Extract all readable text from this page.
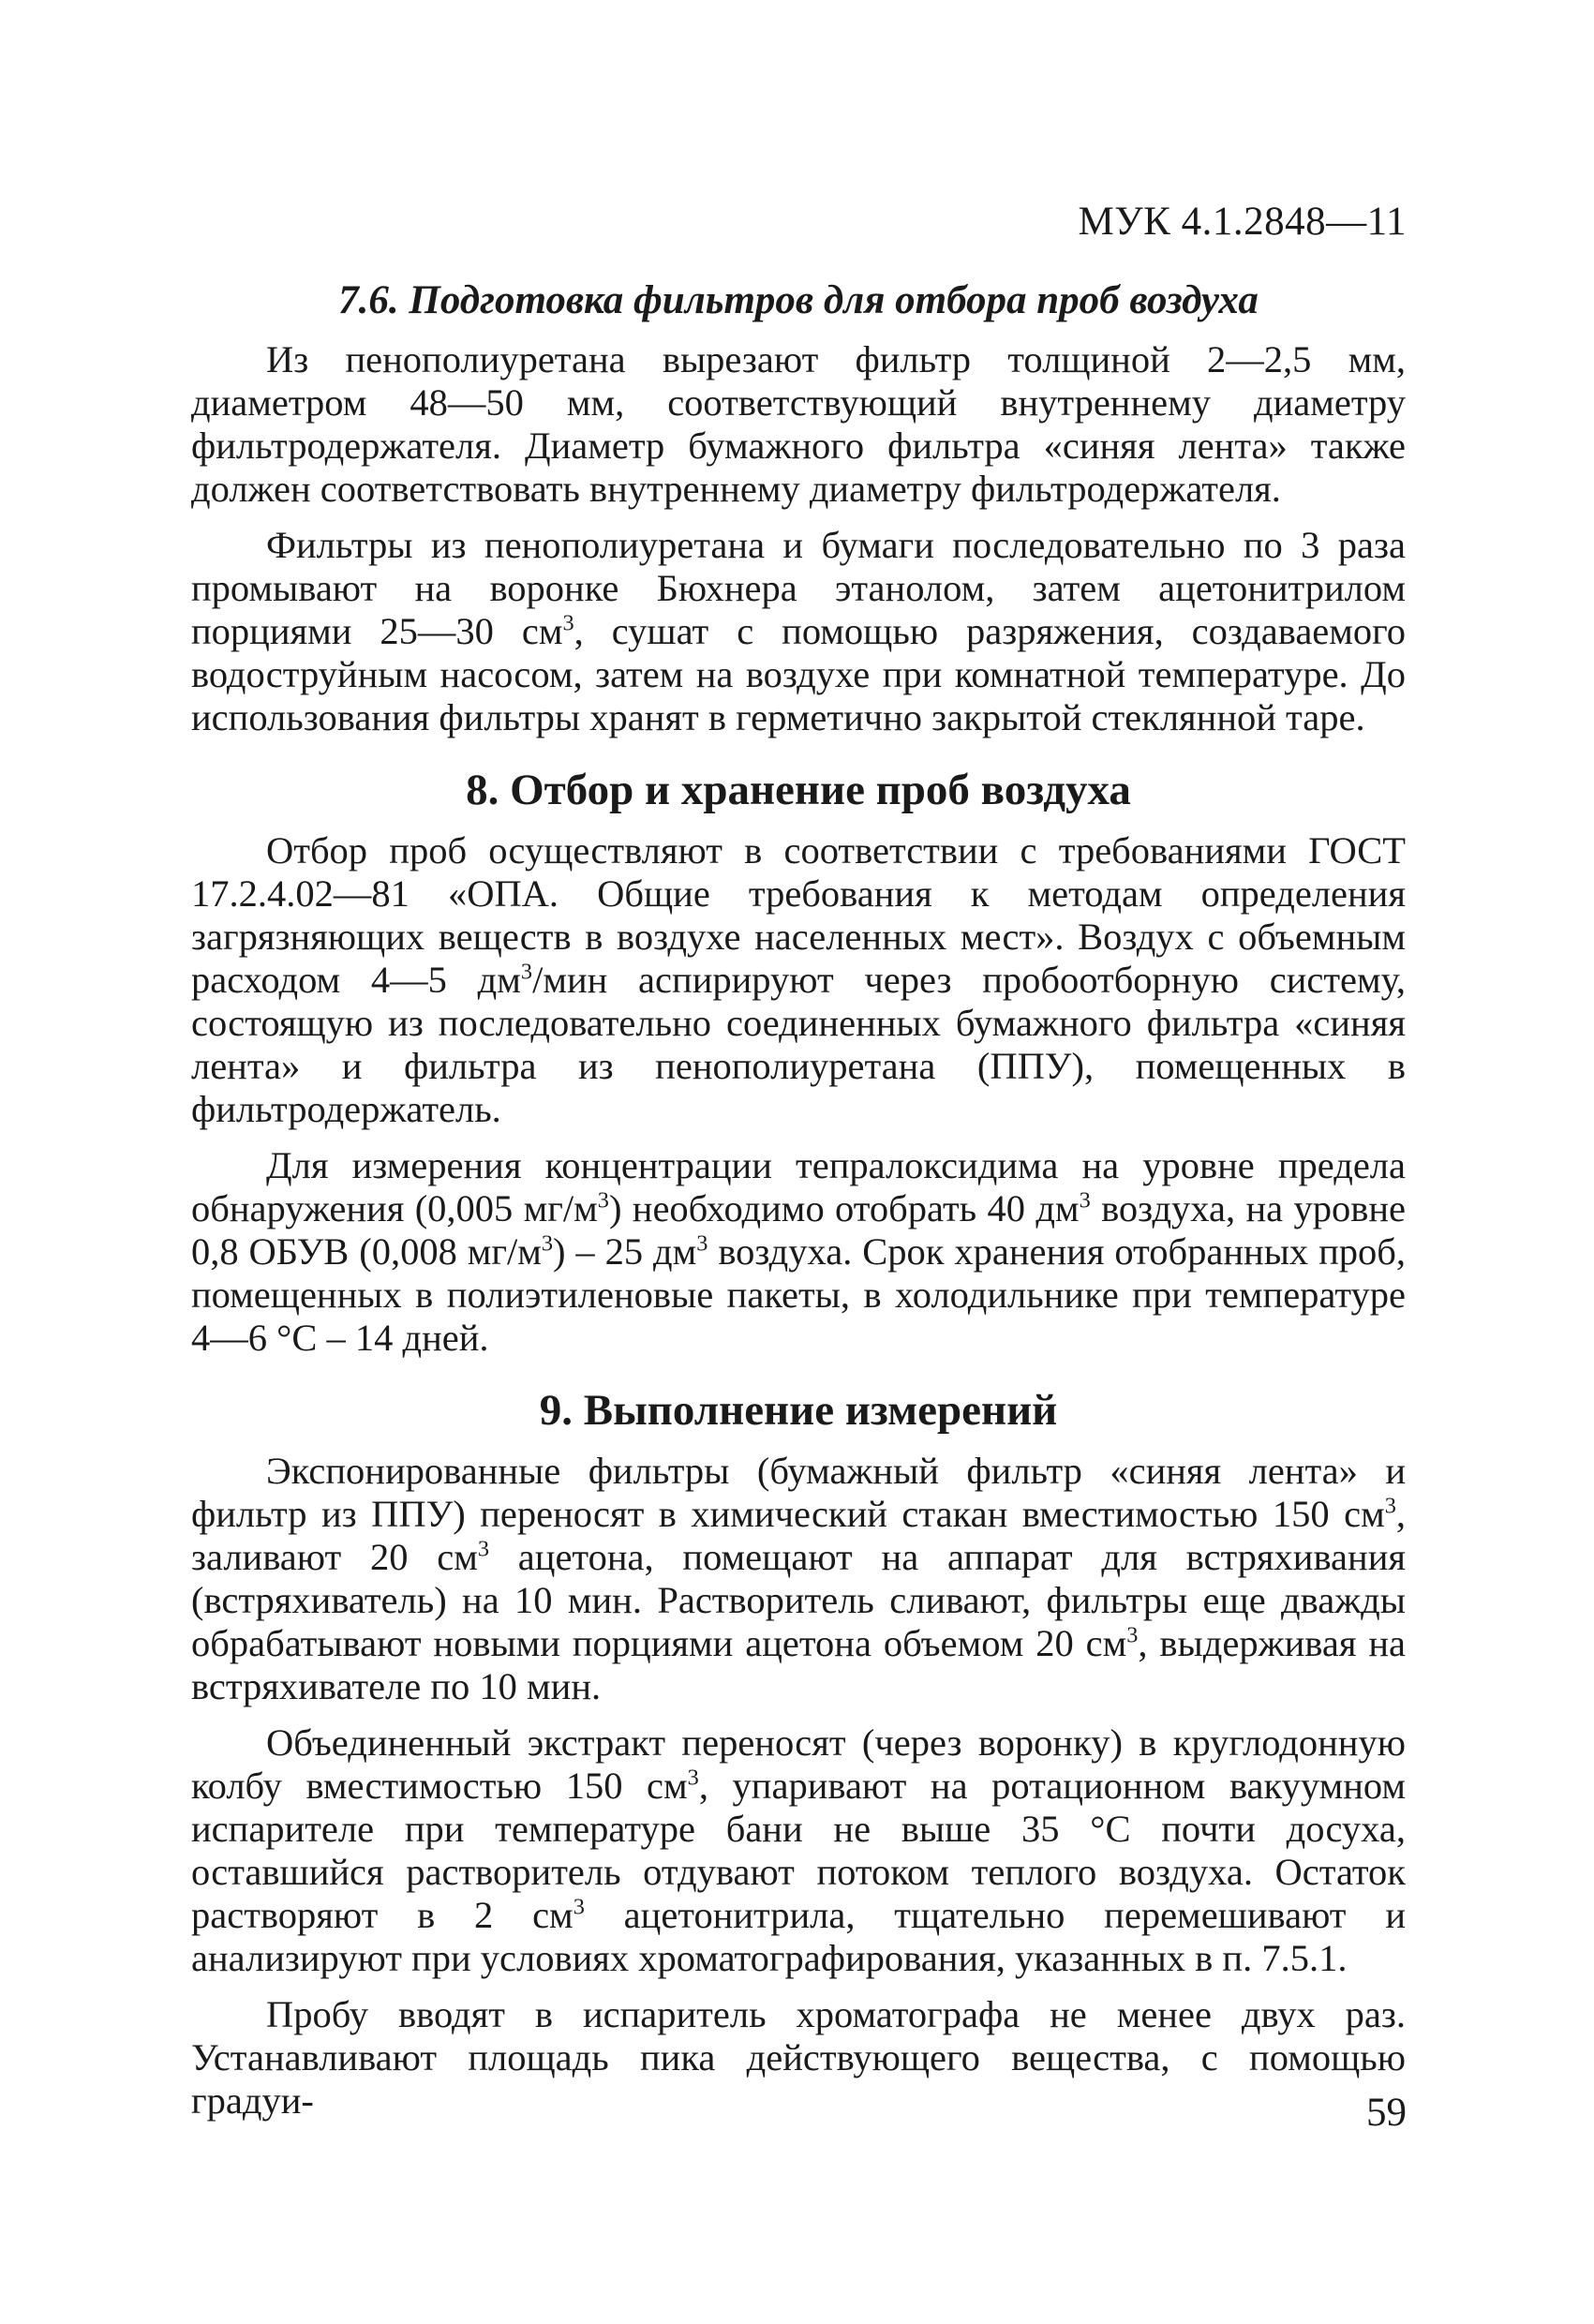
МУК 4.1.2848—11
7.6. Подготовка фильтров для отбора проб воздуха

Из пенополиуретана вырезают фильтр толщиной 2—2,5 мм, диаметром 48—50 мм, соответствующий внутреннему диаметру фильтродержателя. Диаметр бумажного фильтра «синяя лента» также должен соответствовать внутреннему диаметру фильтродержателя.

Фильтры из пенополиуретана и бумаги последовательно по 3 раза промывают на воронке Бюхнера этанолом, затем ацетонитрилом порциями 25—30 $см^3$, сушат с помощью разряжения, создаваемого водоструйным насосом, затем на воздухе при комнатной температуре. До использования фильтры хранят в герметично закрытой стеклянной таре.

8. Отбор и хранение проб воздуха

Отбор проб осуществляют в соответствии с требованиями ГОСТ 17.2.4.02—81 «ОПА. Общие требования к методам определения загрязняющих веществ в воздухе населенных мест». Воздух с объемным расходом 4—5 $дм^3$/мин аспирируют через пробоотборную систему, состоящую из последовательно соединенных бумажного фильтра «синяя лента» и фильтра из пенополиуретана (ППУ), помещенных в фильтродержатель.

Для измерения концентрации тепралоксидима на уровне предела обнаружения (0,005 $мг/м^3$) необходимо отобрать 40 $дм^3$ воздуха, на уровне 0,8 ОБУВ (0,008 $мг/м^3) - 25$ $дм^3$ воздуха. Срок хранения отобранных проб, помещенных в полиэтиленовые пакеты, в холодильнике при температуре 4—6 °С – 14 дней.

9. Выполнение измерений

Экспонированные фильтры (бумажный фильтр «синяя лента» и фильтр из ППУ) переносят в химический стакан вместимостью 150 $см^3$, заливают 20 $см^3$ ацетона, помещают на аппарат для встряхивания (встряхиватель) на 10 мин. Растворитель сливают, фильтры еще дважды обрабатывают новыми порциями ацетона объемом 20 $см^3$, выдерживая на встряхивателе по 10 мин.

Объединенный экстракт переносят (через воронку) в круглодонную колбу вместимостью 150 $см^3$, упаривают на ротационном вакуумном испарителе при температуре бани не выше 35 °С почти досуха, оставшийся растворитель отдувают потоком теплого воздуха. Остаток растворяют в 2 $см^3$ ацетонитрила, тщательно перемешивают и анализируют при условиях хроматографирования, указанных в п. 7.5.1.

Пробу вводят в испаритель хроматографа не менее двух раз. Устанавливают площадь пика действующего вещества, с помощью градуи-	59
